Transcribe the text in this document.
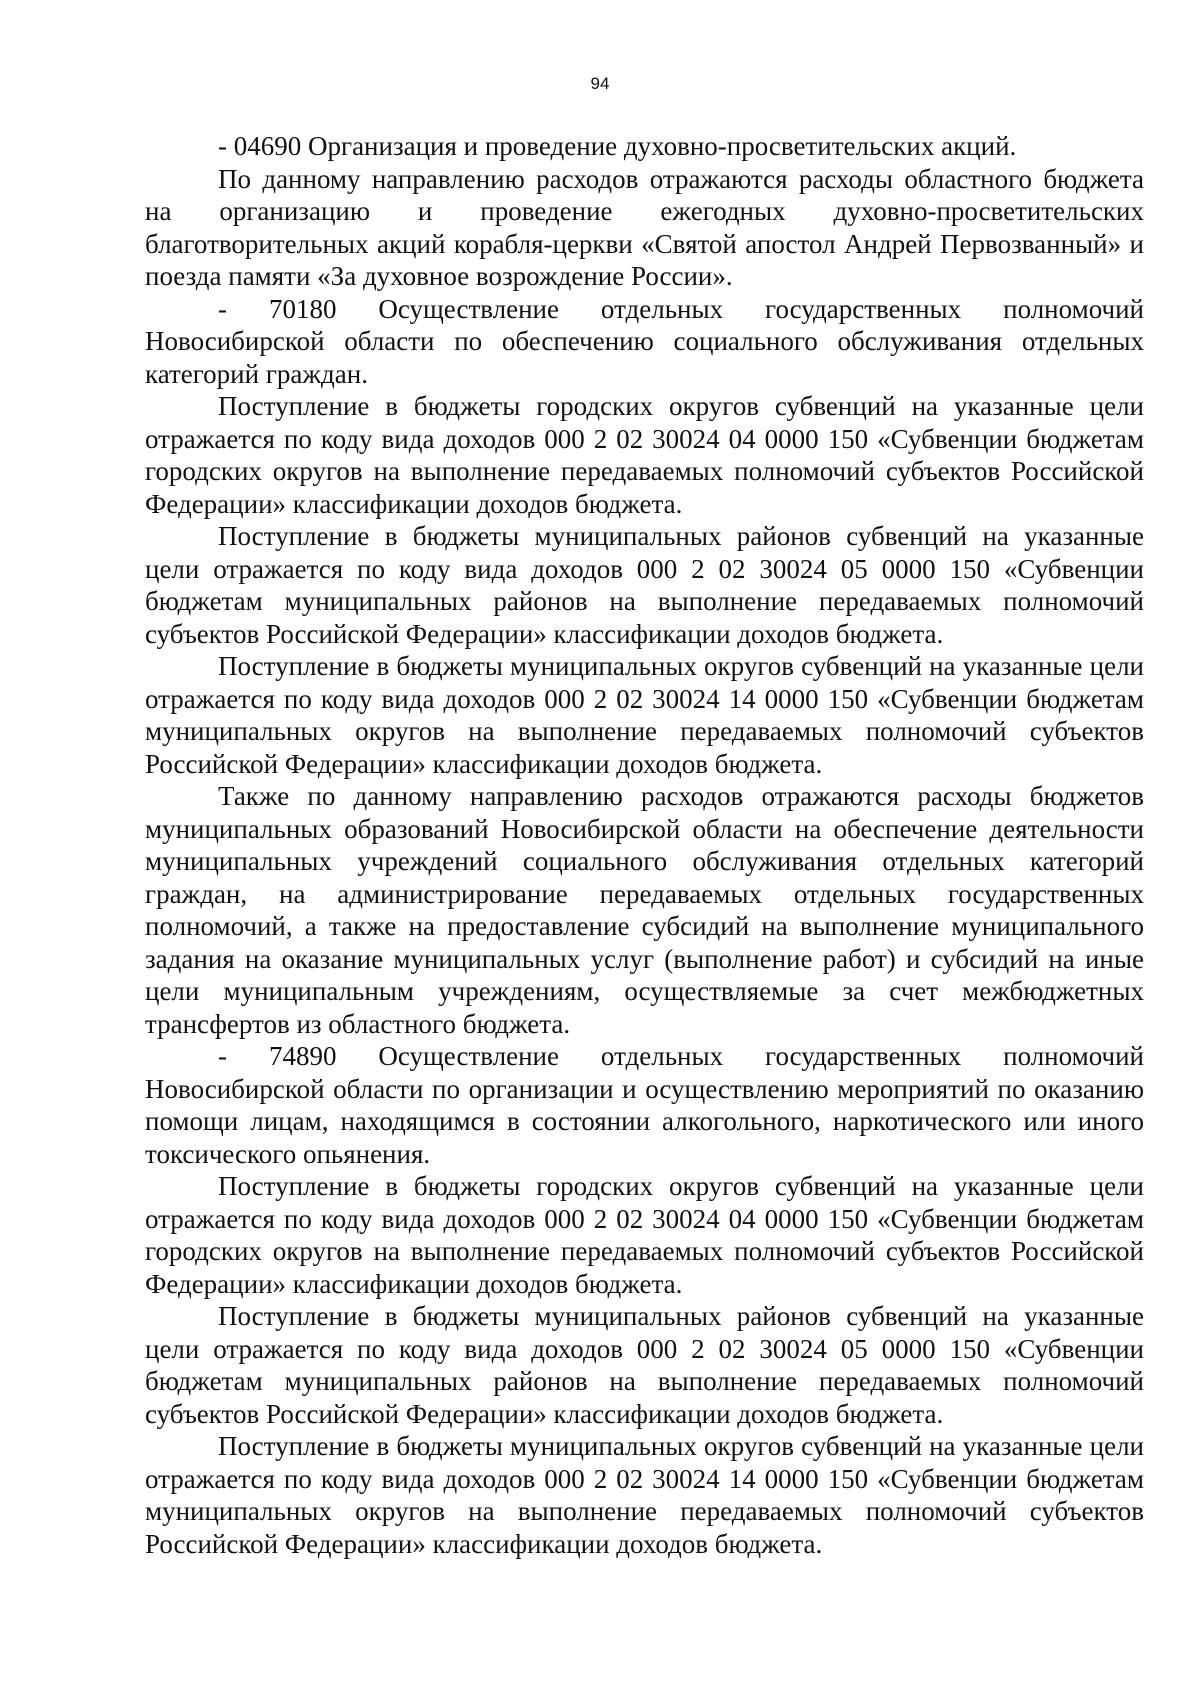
94

- 04690 Организация и проведение духовно-просветительских акций.

По данному направлению расходов отражаются расходы областного бюджета на организацию и проведение ежегодных духовно-просветительских благотворительных акций корабля-церкви «Святой апостол Андрей Первозванный» и поезда памяти «За духовное возрождение России».

- 70180 Осуществление отдельных государственных полномочий Новосибирской области по обеспечению социального обслуживания отдельных категорий граждан.

Поступление в бюджеты городских округов субвенций на указанные цели отражается по коду вида доходов 000 2 02 30024 04 0000 150 «Субвенции бюджетам городских округов на выполнение передаваемых полномочий субъектов Российской Федерации» классификации доходов бюджета.

Поступление в бюджеты муниципальных районов субвенций на указанные цели отражается по коду вида доходов 000 2 02 30024 05 0000 150 «Субвенции бюджетам муниципальных районов на выполнение передаваемых полномочий субъектов Российской Федерации» классификации доходов бюджета.

Поступление в бюджеты муниципальных округов субвенций на указанные цели отражается по коду вида доходов 000 2 02 30024 14 0000 150 «Субвенции бюджетам муниципальных округов на выполнение передаваемых полномочий субъектов Российской Федерации» классификации доходов бюджета.

Также по данному направлению расходов отражаются расходы бюджетов муниципальных образований Новосибирской области на обеспечение деятельности муниципальных учреждений социального обслуживания отдельных категорий граждан, на администрирование передаваемых отдельных государственных полномочий, а также на предоставление субсидий на выполнение муниципального задания на оказание муниципальных услуг (выполнение работ) и субсидий на иные цели муниципальным учреждениям, осуществляемые за счет межбюджетных трансфертов из областного бюджета.

- 74890 Осуществление отдельных государственных полномочий Новосибирской области по организации и осуществлению мероприятий по оказанию помощи лицам, находящимся в состоянии алкогольного, наркотического или иного токсического опьянения.

Поступление в бюджеты городских округов субвенций на указанные цели отражается по коду вида доходов 000 2 02 30024 04 0000 150 «Субвенции бюджетам городских округов на выполнение передаваемых полномочий субъектов Российской Федерации» классификации доходов бюджета.

Поступление в бюджеты муниципальных районов субвенций на указанные цели отражается по коду вида доходов 000 2 02 30024 05 0000 150 «Субвенции бюджетам муниципальных районов на выполнение передаваемых полномочий субъектов Российской Федерации» классификации доходов бюджета.

Поступление в бюджеты муниципальных округов субвенций на указанные цели отражается по коду вида доходов 000 2 02 30024 14 0000 150 «Субвенции бюджетам муниципальных округов на выполнение передаваемых полномочий субъектов Российской Федерации» классификации доходов бюджета.
